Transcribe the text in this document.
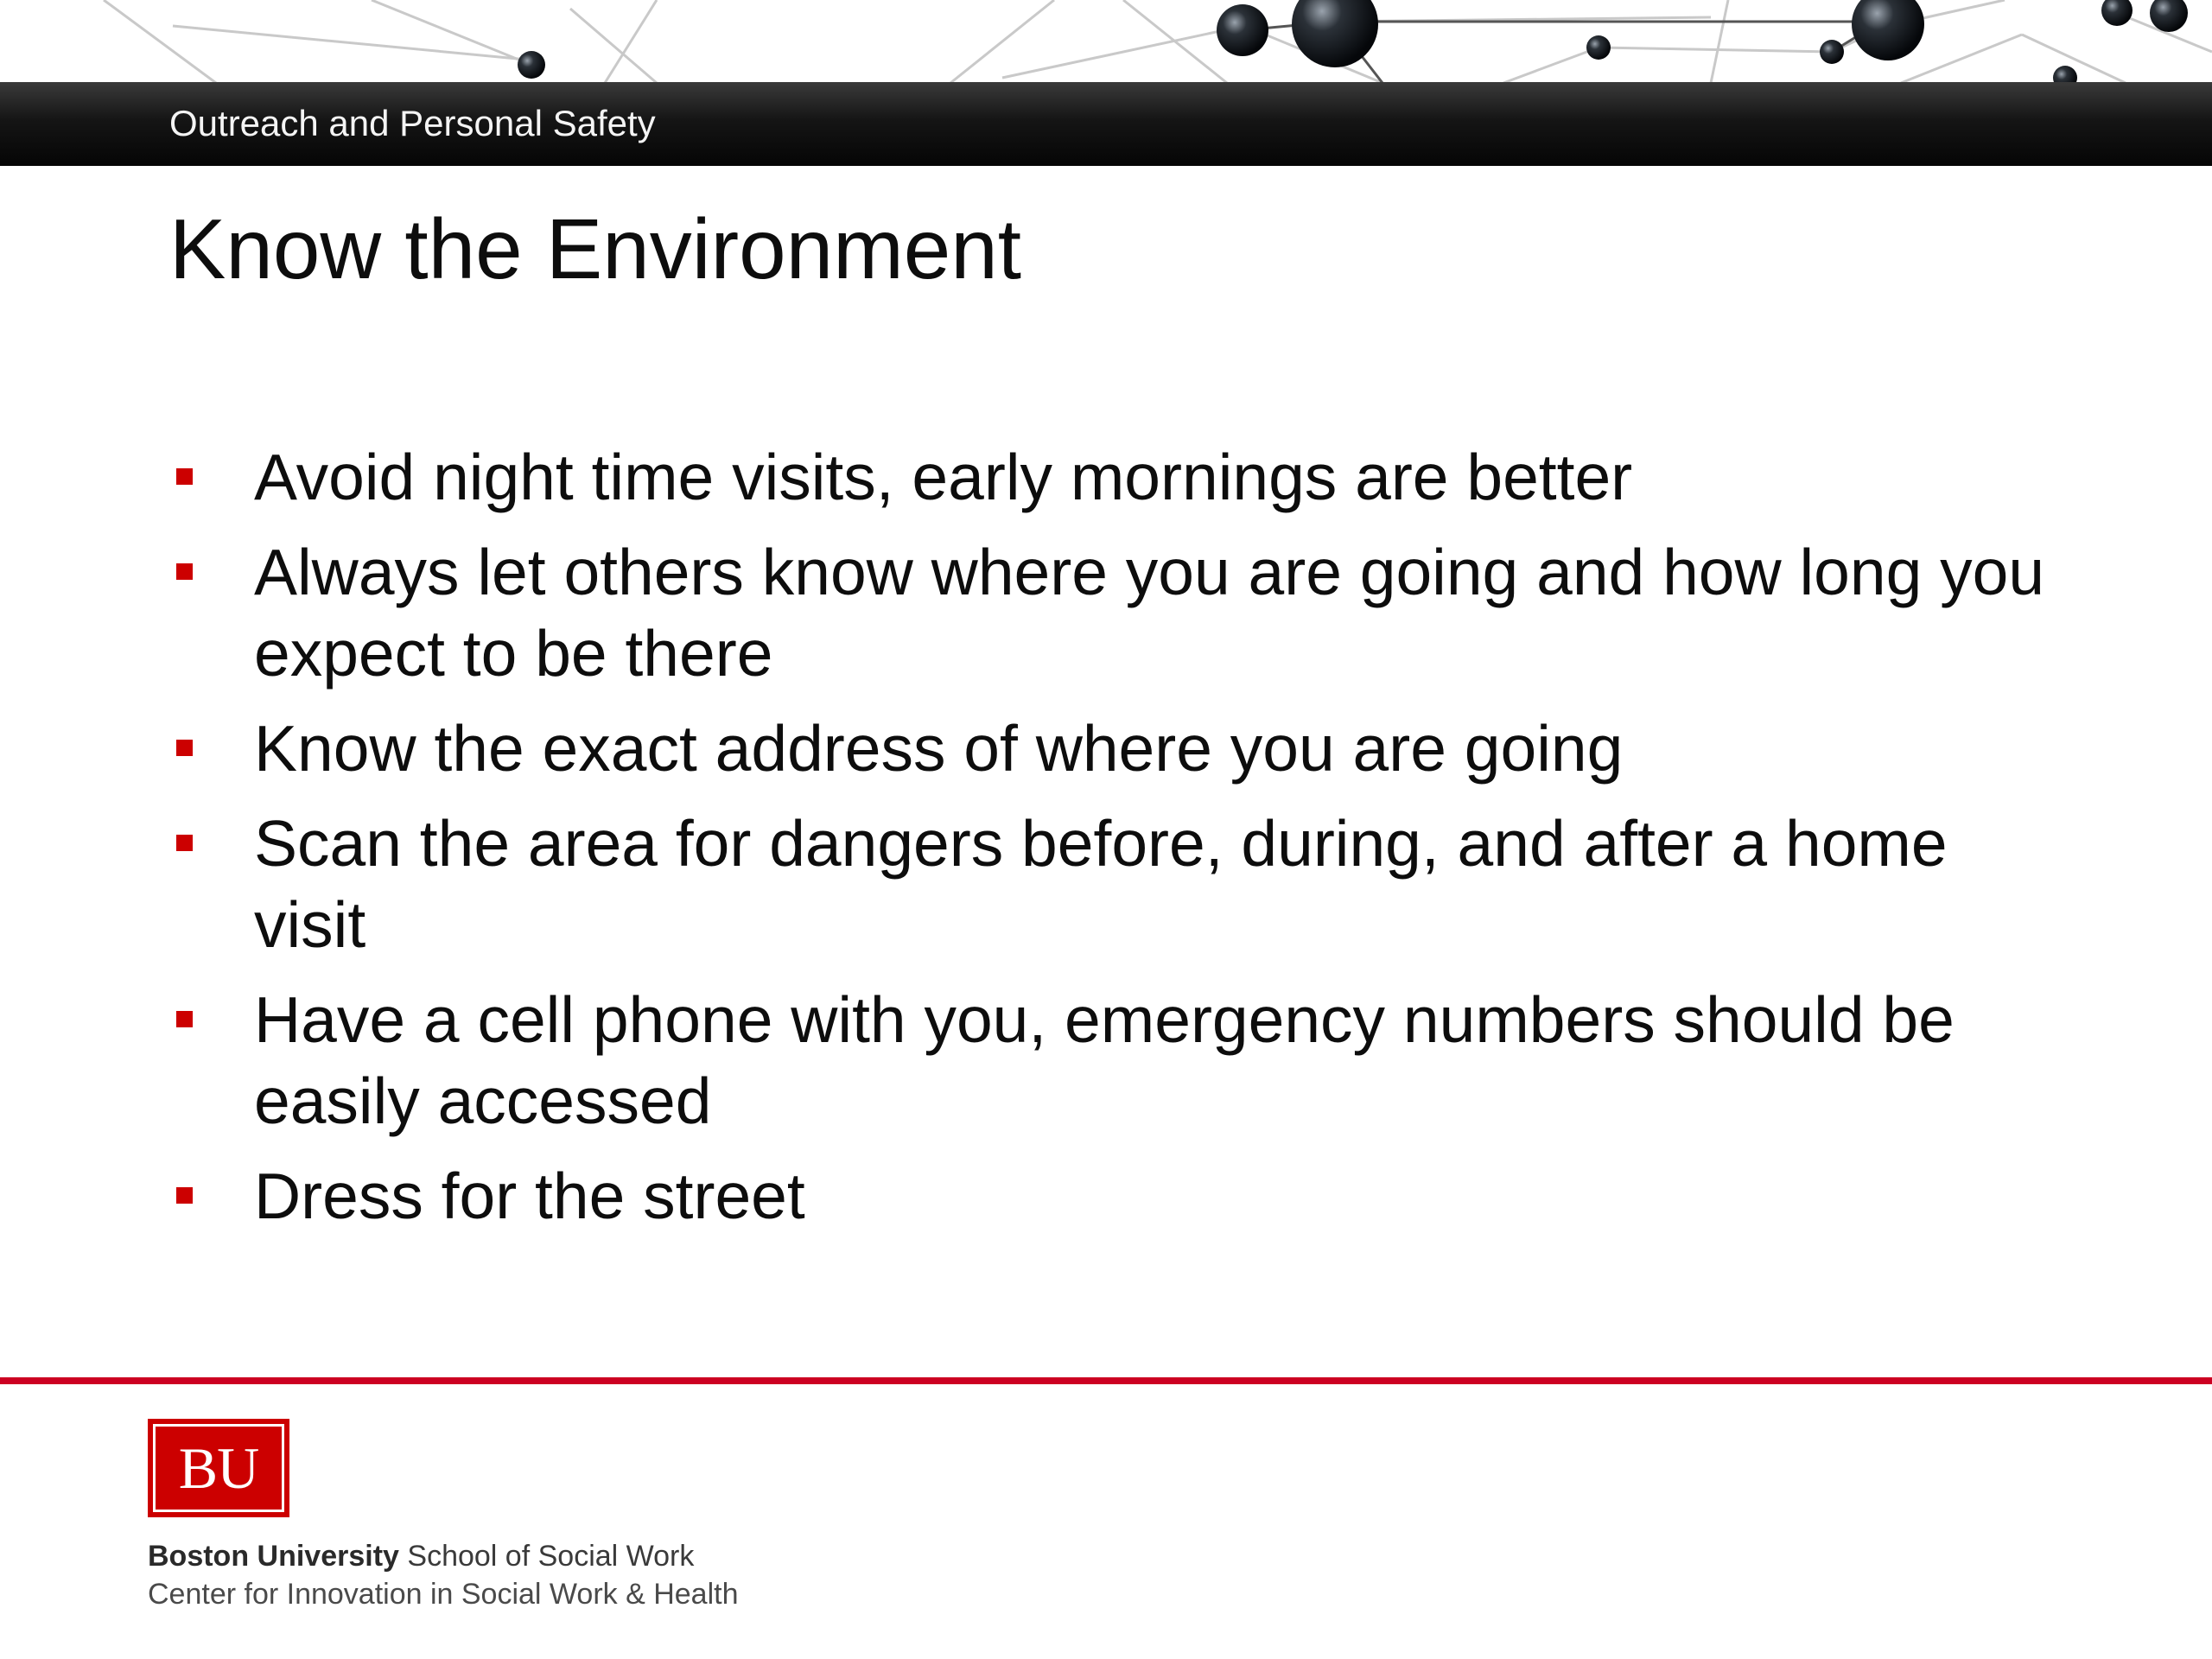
Outreach and Personal Safety
Know the Environment
Avoid night time visits, early mornings are better
Always let others know where you are going and how long you expect to be there
Know the exact address of where you are going
Scan the area for dangers before, during, and after a home visit
Have a cell phone with you, emergency numbers should be easily accessed
Dress for the street
BU
Boston University School of Social Work
Center for Innovation in Social Work & Health
